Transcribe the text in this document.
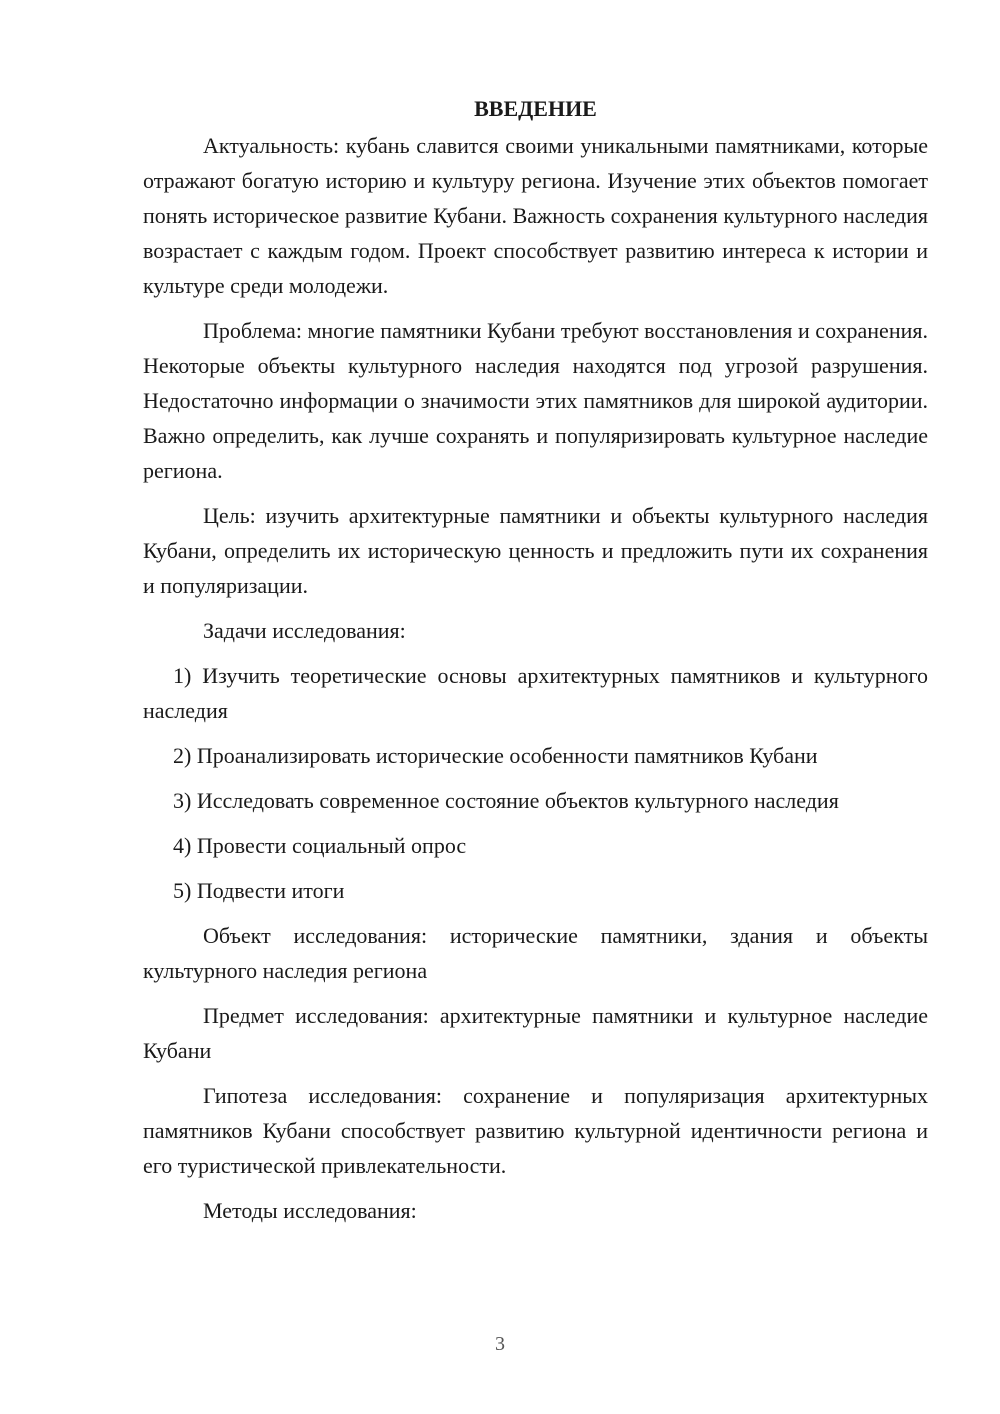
ВВЕДЕНИЕ

Актуальность: кубань славится своими уникальными памятниками, которые отражают богатую историю и культуру региона. Изучение этих объектов помогает понять историческое развитие Кубани. Важность сохранения культурного наследия возрастает с каждым годом. Проект способствует развитию интереса к истории и культуре среди молодежи.

Проблема: многие памятники Кубани требуют восстановления и сохранения. Некоторые объекты культурного наследия находятся под угрозой разрушения. Недостаточно информации о значимости этих памятников для широкой аудитории. Важно определить, как лучше сохранять и популяризировать культурное наследие региона.

Цель: изучить архитектурные памятники и объекты культурного наследия Кубани, определить их историческую ценность и предложить пути их сохранения и популяризации.

Задачи исследования:

1) Изучить теоретические основы архитектурных памятников и культурного наследия

2) Проанализировать исторические особенности памятников Кубани

3) Исследовать современное состояние объектов культурного наследия

4) Провести социальный опрос

5) Подвести итоги

Объект исследования: исторические памятники, здания и объекты культурного наследия региона

Предмет исследования: архитектурные памятники и культурное наследие Кубани

Гипотеза исследования: сохранение и популяризация архитектурных памятников Кубани способствует развитию культурной идентичности региона и его туристической привлекательности.

Методы исследования:

3
